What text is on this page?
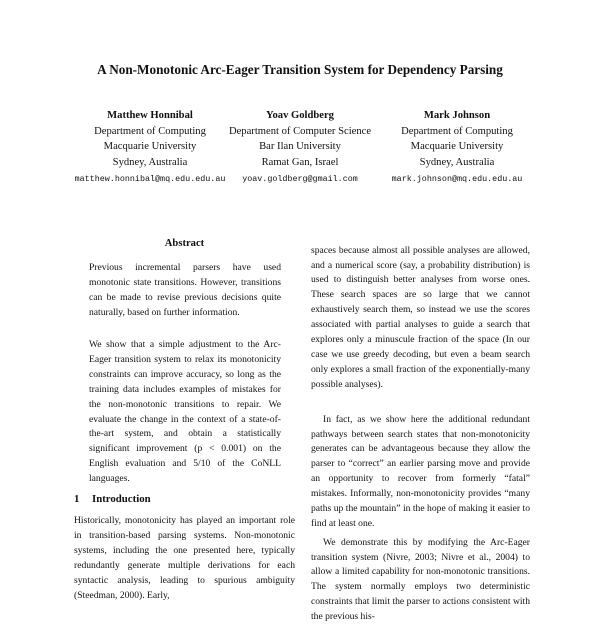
A Non-Monotonic Arc-Eager Transition System for Dependency Parsing
Matthew Honnibal
Department of Computing
Macquarie University
Sydney, Australia
matthew.honnibal@mq.edu.edu.au
Yoav Goldberg
Department of Computer Science
Bar Ilan University
Ramat Gan, Israel
yoav.goldberg@gmail.com
Mark Johnson
Department of Computing
Macquarie University
Sydney, Australia
mark.johnson@mq.edu.edu.au
Abstract

Previous incremental parsers have used monotonic state transitions. However, transitions can be made to revise previous decisions quite naturally, based on further information.

We show that a simple adjustment to the Arc-Eager transition system to relax its monotonicity constraints can improve accuracy, so long as the training data includes examples of mistakes for the non-monotonic transitions to repair. We evaluate the change in the context of a state-of-the-art system, and obtain a statistically significant improvement (p < 0.001) on the English evaluation and 5/10 of the CoNLL languages.

1 Introduction

Historically, monotonicity has played an important role in transition-based parsing systems. Non-monotonic systems, including the one presented here, typically redundantly generate multiple derivations for each syntactic analysis, leading to spurious ambiguity (Steedman, 2000). Early,

spaces because almost all possible analyses are allowed, and a numerical score (say, a probability distribution) is used to distinguish better analyses from worse ones. These search spaces are so large that we cannot exhaustively search them, so instead we use the scores associated with partial analyses to guide a search that explores only a minuscule fraction of the space (In our case we use greedy decoding, but even a beam search only explores a small fraction of the exponentially-many possible analyses).

In fact, as we show here the additional redundant pathways between search states that non-monotonicity generates can be advantageous because they allow the parser to “correct” an earlier parsing move and provide an opportunity to recover from formerly “fatal” mistakes. Informally, non-monotonicity provides “many paths up the mountain” in the hope of making it easier to find at least one.

We demonstrate this by modifying the Arc-Eager transition system (Nivre, 2003; Nivre et al., 2004) to allow a limited capability for non-monotonic transitions. The system normally employs two deterministic constraints that limit the parser to actions consistent with the previous his-
